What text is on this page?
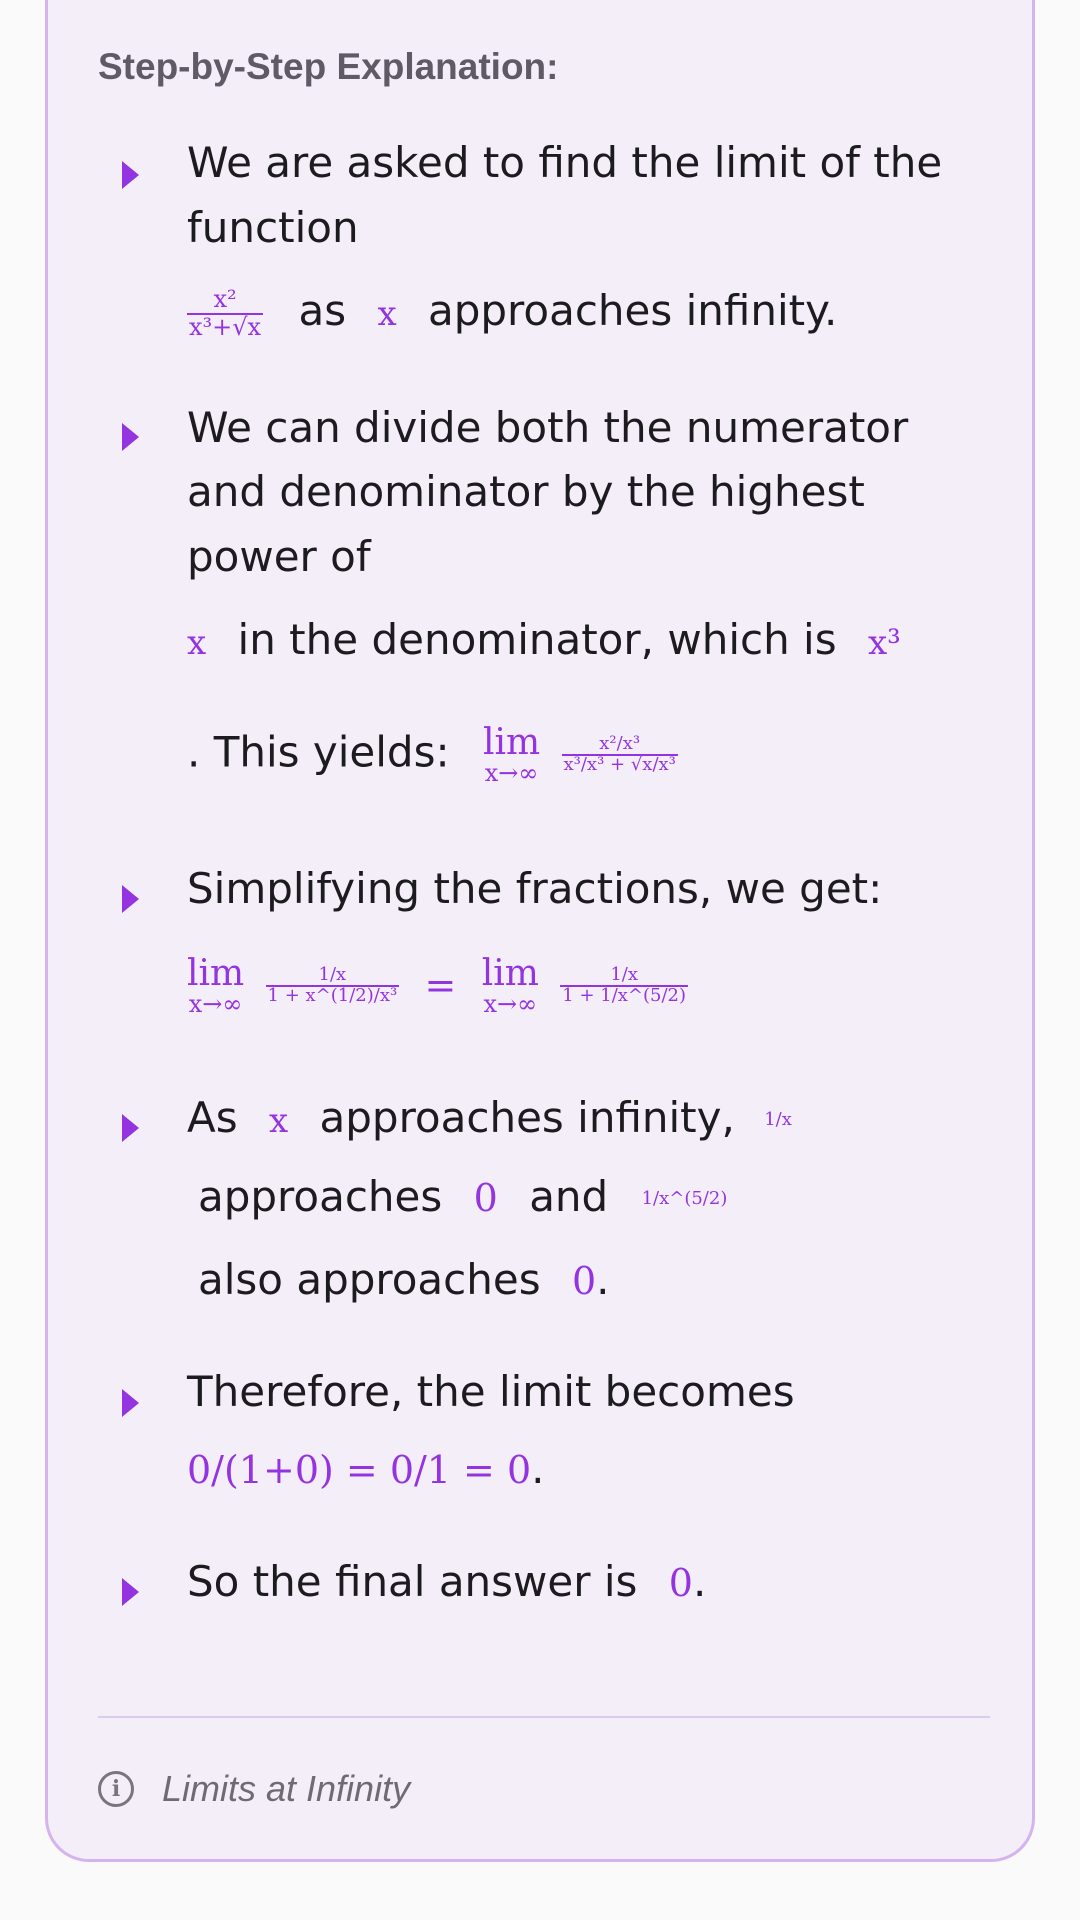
Step-by-Step Explanation:
We are asked to find the limit of the
function
$\frac{\text{x²}}{\text{x³+√x}}$ as x approaches infinity.
We can divide both the numerator
and denominator by the highest
power of
x in the denominator, which is x³
. This yields: lim
x→∞
$\frac{\text{x²/x³}}{\text{x³/x³ + √x/x³}}$
Simplifying the fractions, we get:
lim
x→∞
$\frac{1/x}{\text{1 + x\textasciicircum{}(1/2)/x³}} = \lim$
x→∞
$\frac{1/x}{1 + 1/x\^{}(5/2)}$
As x approaches infinity, 1/x
approaches 0 and 1/x^(5/2)
also approaches 0.
Therefore, the limit becomes
0/(1+0) = 0/1 = 0.
So the final answer is 0.
i	Limits at Infinity
